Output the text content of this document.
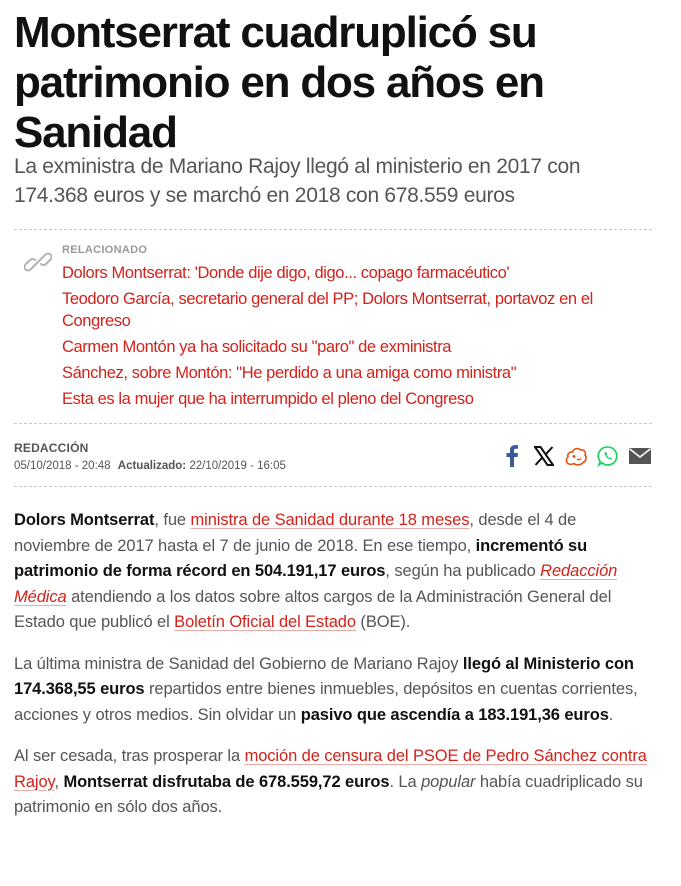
Montserrat cuadruplicó su patrimonio en dos años en Sanidad

La exministra de Mariano Rajoy llegó al ministerio en 2017 con 174.368 euros y se marchó en 2018 con 678.559 euros

RELACIONADO
Dolors Montserrat: 'Donde dije digo, digo... copago farmacéutico'
Teodoro García, secretario general del PP; Dolors Montserrat, portavoz en el Congreso
Carmen Montón ya ha solicitado su "paro" de exministra
Sánchez, sobre Montón: "He perdido a una amiga como ministra"
Esta es la mujer que ha interrumpido el pleno del Congreso
REDACCIÓN
05/10/2018 - 20:48 Actualizado: 22/10/2019 - 16:05

Dolors Montserrat, fue ministra de Sanidad durante 18 meses, desde el 4 de noviembre de 2017 hasta el 7 de junio de 2018. En ese tiempo, incrementó su patrimonio de forma récord en 504.191,17 euros, según ha publicado Redacción Médica atendiendo a los datos sobre altos cargos de la Administración General del Estado que publicó el Boletín Oficial del Estado (BOE).

La última ministra de Sanidad del Gobierno de Mariano Rajoy llegó al Ministerio con 174.368,55 euros repartidos entre bienes inmuebles, depósitos en cuentas corrientes, acciones y otros medios. Sin olvidar un pasivo que ascendía a 183.191,36 euros.

Al ser cesada, tras prosperar la moción de censura del PSOE de Pedro Sánchez contra Rajoy, Montserrat disfrutaba de 678.559,72 euros. La popular había cuadriplicado su patrimonio en sólo dos años.
